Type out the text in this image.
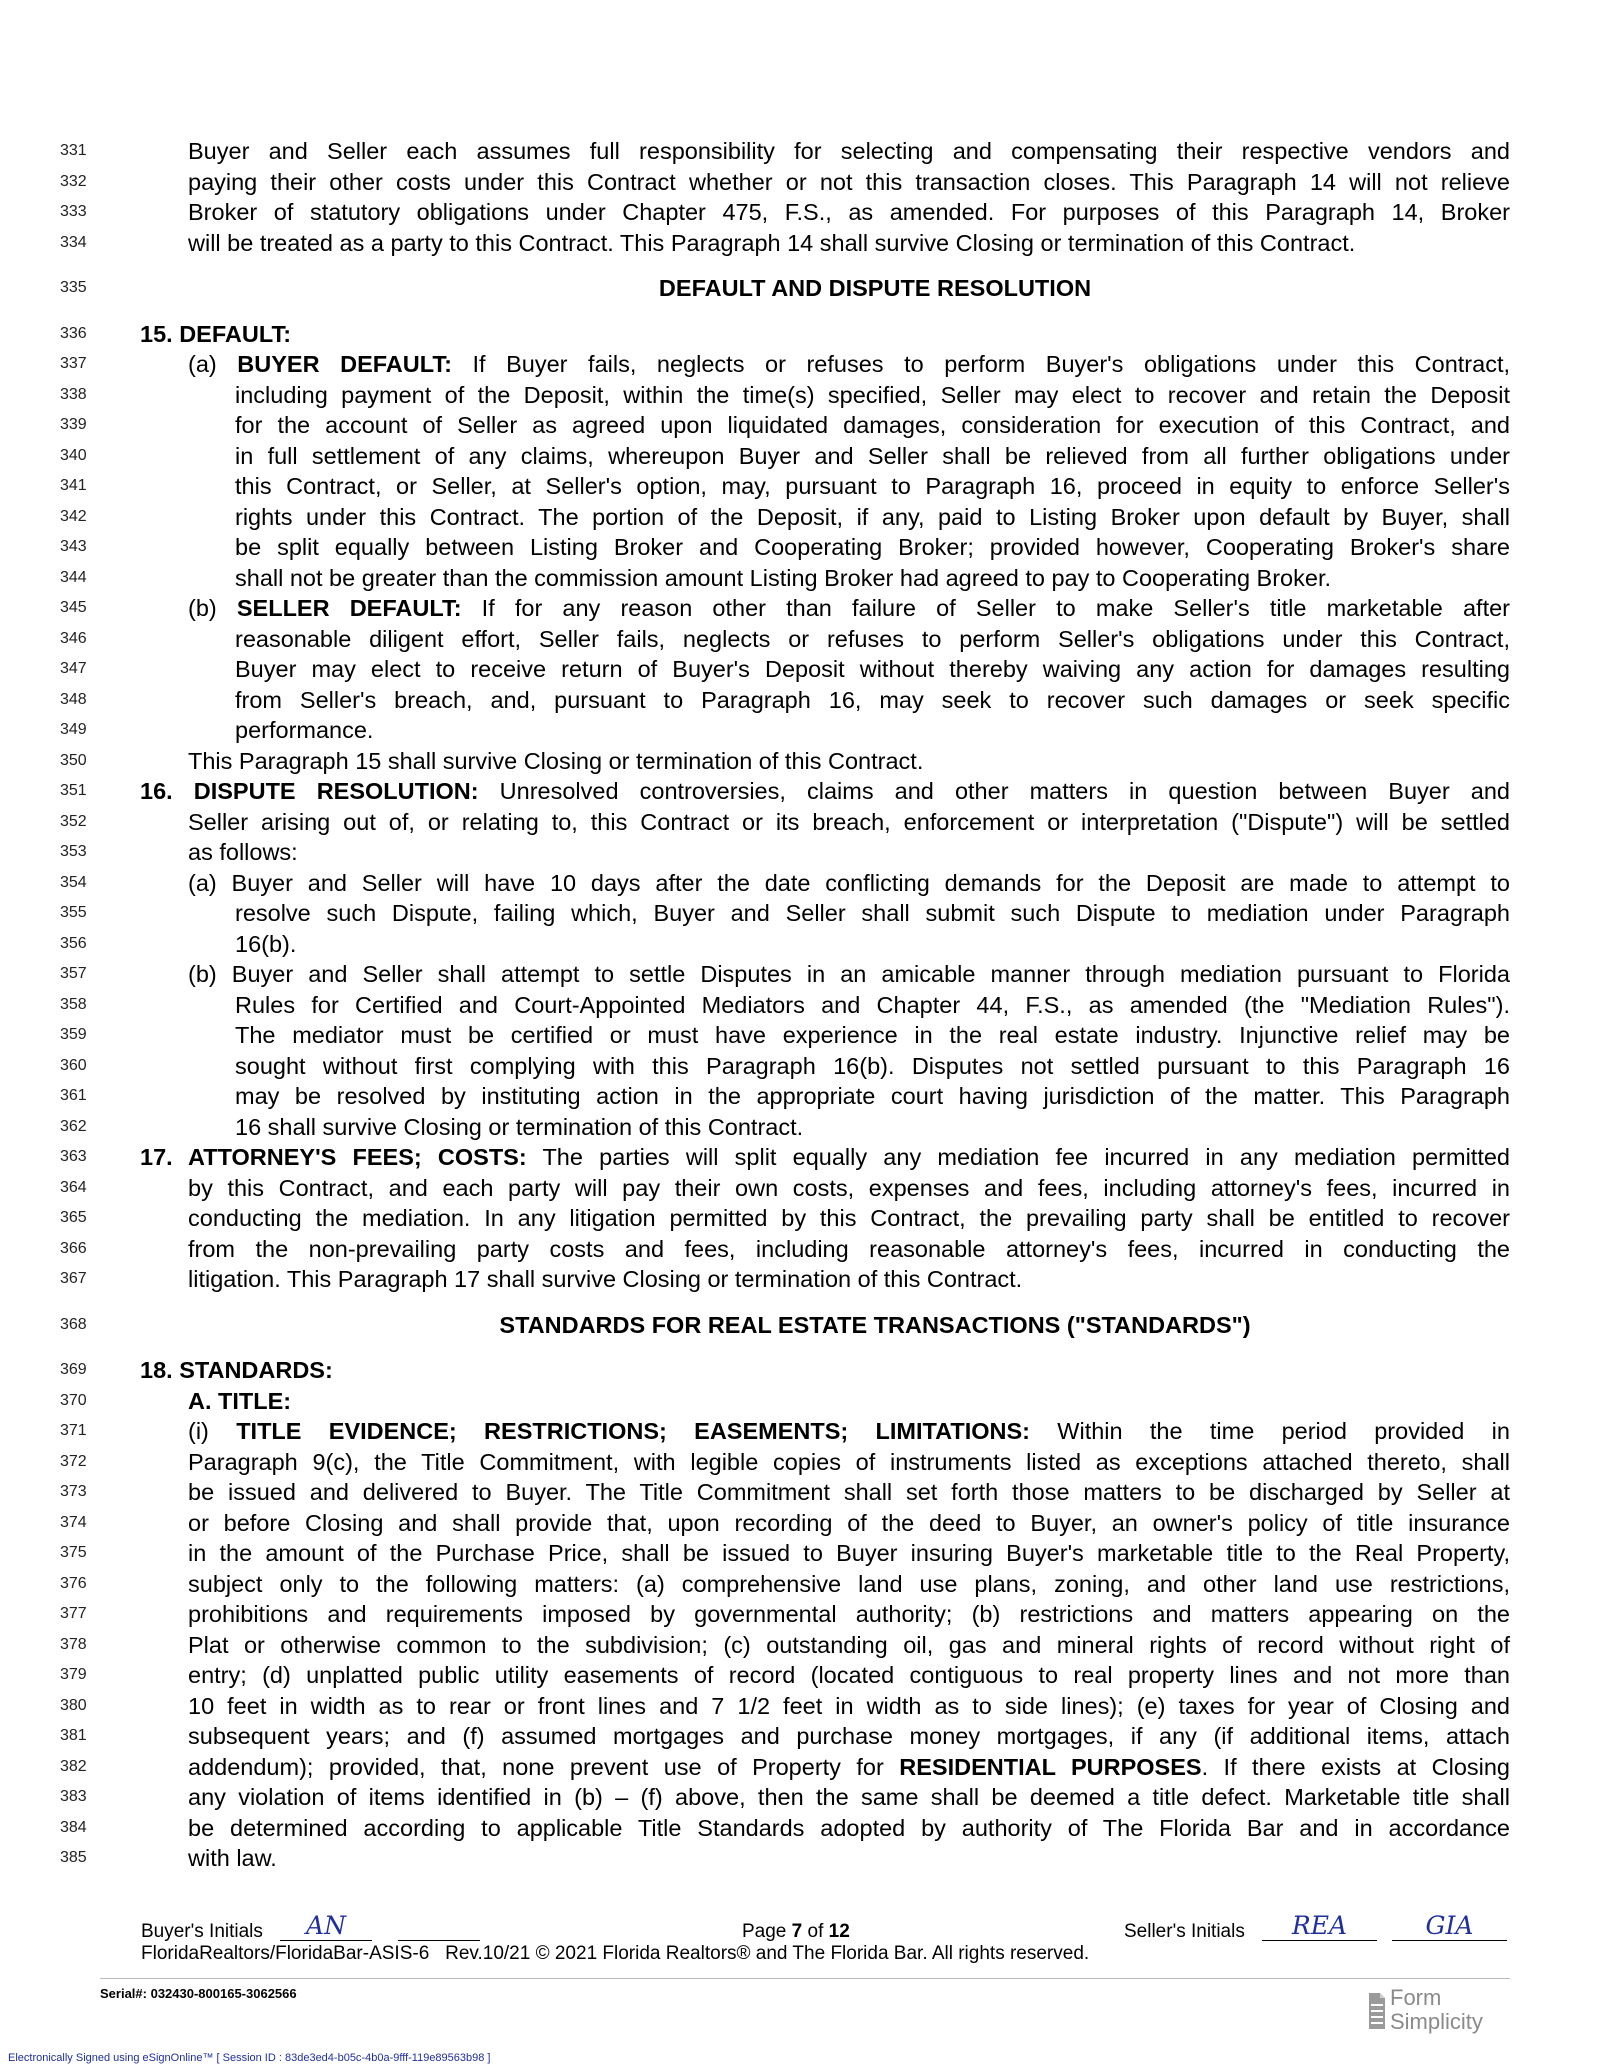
331	Buyer and Seller each assumes full responsibility for selecting and compensating their respective vendors and
332	paying their other costs under this Contract whether or not this transaction closes. This Paragraph 14 will not relieve
333	Broker of statutory obligations under Chapter 475, F.S., as amended. For purposes of this Paragraph 14, Broker
334	will be treated as a party to this Contract. This Paragraph 14 shall survive Closing or termination of this Contract.
335	DEFAULT AND DISPUTE RESOLUTION
336	15. DEFAULT:
337	(a) BUYER DEFAULT: If Buyer fails, neglects or refuses to perform Buyer's obligations under this Contract,
338	including payment of the Deposit, within the time(s) specified, Seller may elect to recover and retain the Deposit
339	for the account of Seller as agreed upon liquidated damages, consideration for execution of this Contract, and
340	in full settlement of any claims, whereupon Buyer and Seller shall be relieved from all further obligations under
341	this Contract, or Seller, at Seller's option, may, pursuant to Paragraph 16, proceed in equity to enforce Seller's
342	rights under this Contract. The portion of the Deposit, if any, paid to Listing Broker upon default by Buyer, shall
343	be split equally between Listing Broker and Cooperating Broker; provided however, Cooperating Broker's share
344	shall not be greater than the commission amount Listing Broker had agreed to pay to Cooperating Broker.
345	(b) SELLER DEFAULT: If for any reason other than failure of Seller to make Seller's title marketable after
346	reasonable diligent effort, Seller fails, neglects or refuses to perform Seller's obligations under this Contract,
347	Buyer may elect to receive return of Buyer's Deposit without thereby waiving any action for damages resulting
348	from Seller's breach, and, pursuant to Paragraph 16, may seek to recover such damages or seek specific
349	performance.
350	This Paragraph 15 shall survive Closing or termination of this Contract.
351	16. DISPUTE RESOLUTION: Unresolved controversies, claims and other matters in question between Buyer and
352	Seller arising out of, or relating to, this Contract or its breach, enforcement or interpretation ("Dispute") will be settled
353	as follows:
354	(a) Buyer and Seller will have 10 days after the date conflicting demands for the Deposit are made to attempt to
355	resolve such Dispute, failing which, Buyer and Seller shall submit such Dispute to mediation under Paragraph
356	16(b).
357	(b) Buyer and Seller shall attempt to settle Disputes in an amicable manner through mediation pursuant to Florida
358	Rules for Certified and Court-Appointed Mediators and Chapter 44, F.S., as amended (the "Mediation Rules").
359	The mediator must be certified or must have experience in the real estate industry. Injunctive relief may be
360	sought without first complying with this Paragraph 16(b). Disputes not settled pursuant to this Paragraph 16
361	may be resolved by instituting action in the appropriate court having jurisdiction of the matter. This Paragraph
362	16 shall survive Closing or termination of this Contract.
363	17. ATTORNEY'S FEES; COSTS: The parties will split equally any mediation fee incurred in any mediation permitted
364	by this Contract, and each party will pay their own costs, expenses and fees, including attorney's fees, incurred in
365	conducting the mediation. In any litigation permitted by this Contract, the prevailing party shall be entitled to recover
366	from the non-prevailing party costs and fees, including reasonable attorney's fees, incurred in conducting the
367	litigation. This Paragraph 17 shall survive Closing or termination of this Contract.
368	STANDARDS FOR REAL ESTATE TRANSACTIONS ("STANDARDS")
369	18. STANDARDS:
370	A. TITLE:
371	(i) TITLE EVIDENCE; RESTRICTIONS; EASEMENTS; LIMITATIONS: Within the time period provided in
372	Paragraph 9(c), the Title Commitment, with legible copies of instruments listed as exceptions attached thereto, shall
373	be issued and delivered to Buyer. The Title Commitment shall set forth those matters to be discharged by Seller at
374	or before Closing and shall provide that, upon recording of the deed to Buyer, an owner's policy of title insurance
375	in the amount of the Purchase Price, shall be issued to Buyer insuring Buyer's marketable title to the Real Property,
376	subject only to the following matters: (a) comprehensive land use plans, zoning, and other land use restrictions,
377	prohibitions and requirements imposed by governmental authority; (b) restrictions and matters appearing on the
378	Plat or otherwise common to the subdivision; (c) outstanding oil, gas and mineral rights of record without right of
379	entry; (d) unplatted public utility easements of record (located contiguous to real property lines and not more than
380	10 feet in width as to rear or front lines and 7 1/2 feet in width as to side lines); (e) taxes for year of Closing and
381	subsequent years; and (f) assumed mortgages and purchase money mortgages, if any (if additional items, attach
382	addendum); provided, that, none prevent use of Property for RESIDENTIAL PURPOSES. If there exists at Closing
383	any violation of items identified in (b) – (f) above, then the same shall be deemed a title defect. Marketable title shall
384	be determined according to applicable Title Standards adopted by authority of The Florida Bar and in accordance
385	with law.
Buyer's Initials	AN	Page 7 of 12	Seller's Initials	REA	GIA
FloridaRealtors/FloridaBar-ASIS-6 Rev.10/21 © 2021 Florida Realtors® and The Florida Bar. All rights reserved.
Serial#: 032430-800165-3062566	Form
Simplicity
Electronically Signed using eSignOnline™ [ Session ID : 83de3ed4-b05c-4b0a-9fff-119e89563b98 ]
